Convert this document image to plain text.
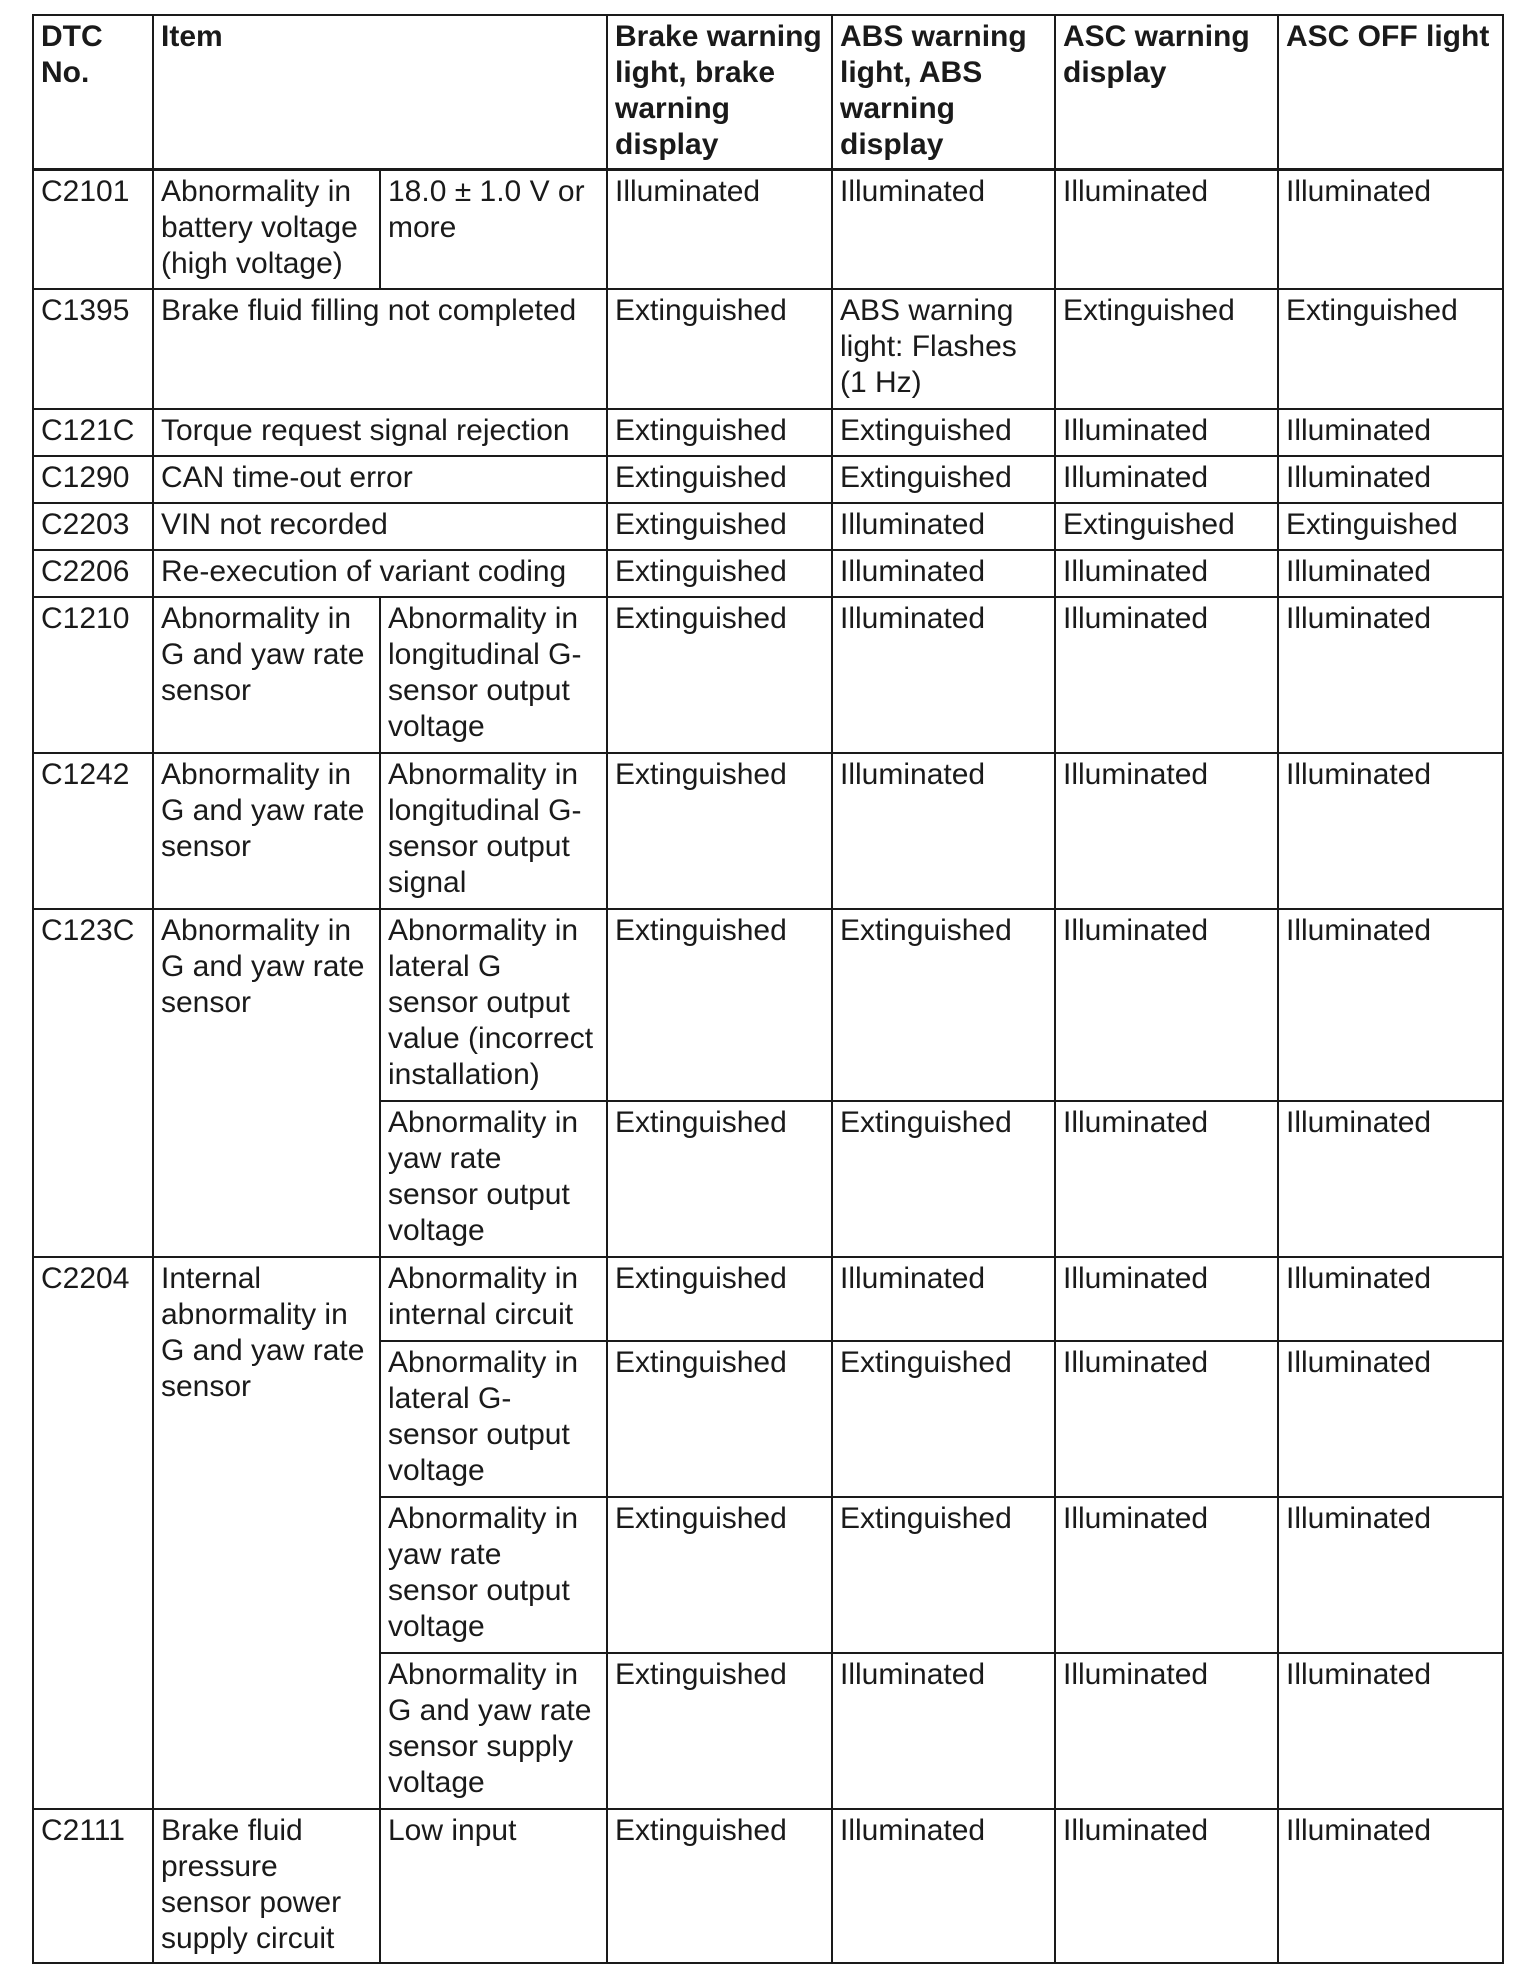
DTC No.	Item		Brake warning light, brake warning display	ABS warning light, ABS warning display	ASC warning display	ASC OFF light
C2101	Abnormality in battery voltage (high voltage)	18.0 ± 1.0 V or more	Illuminated	Illuminated	Illuminated	Illuminated
C1395	Brake fluid filling not completed		Extinguished	ABS warning light: Flashes (1 Hz)	Extinguished	Extinguished
C121C	Torque request signal rejection		Extinguished	Extinguished	Illuminated	Illuminated
C1290	CAN time-out error		Extinguished	Extinguished	Illuminated	Illuminated
C2203	VIN not recorded		Extinguished	Illuminated	Extinguished	Extinguished
C2206	Re-execution of variant coding		Extinguished	Illuminated	Illuminated	Illuminated
C1210	Abnormality in G and yaw rate sensor	Abnormality in longitudinal G-sensor output voltage	Extinguished	Illuminated	Illuminated	Illuminated
C1242	Abnormality in G and yaw rate sensor	Abnormality in longitudinal G-sensor output signal	Extinguished	Illuminated	Illuminated	Illuminated
C123C	Abnormality in G and yaw rate sensor	Abnormality in lateral G sensor output value (incorrect installation)	Extinguished	Extinguished	Illuminated	Illuminated
		Abnormality in yaw rate sensor output voltage	Extinguished	Extinguished	Illuminated	Illuminated
C2204	Internal abnormality in G and yaw rate sensor	Abnormality in internal circuit	Extinguished	Illuminated	Illuminated	Illuminated
		Abnormality in lateral G-sensor output voltage	Extinguished	Extinguished	Illuminated	Illuminated
		Abnormality in yaw rate sensor output voltage	Extinguished	Extinguished	Illuminated	Illuminated
		Abnormality in G and yaw rate sensor supply voltage	Extinguished	Illuminated	Illuminated	Illuminated
C2111	Brake fluid pressure sensor power supply circuit	Low input	Extinguished	Illuminated	Illuminated	Illuminated
